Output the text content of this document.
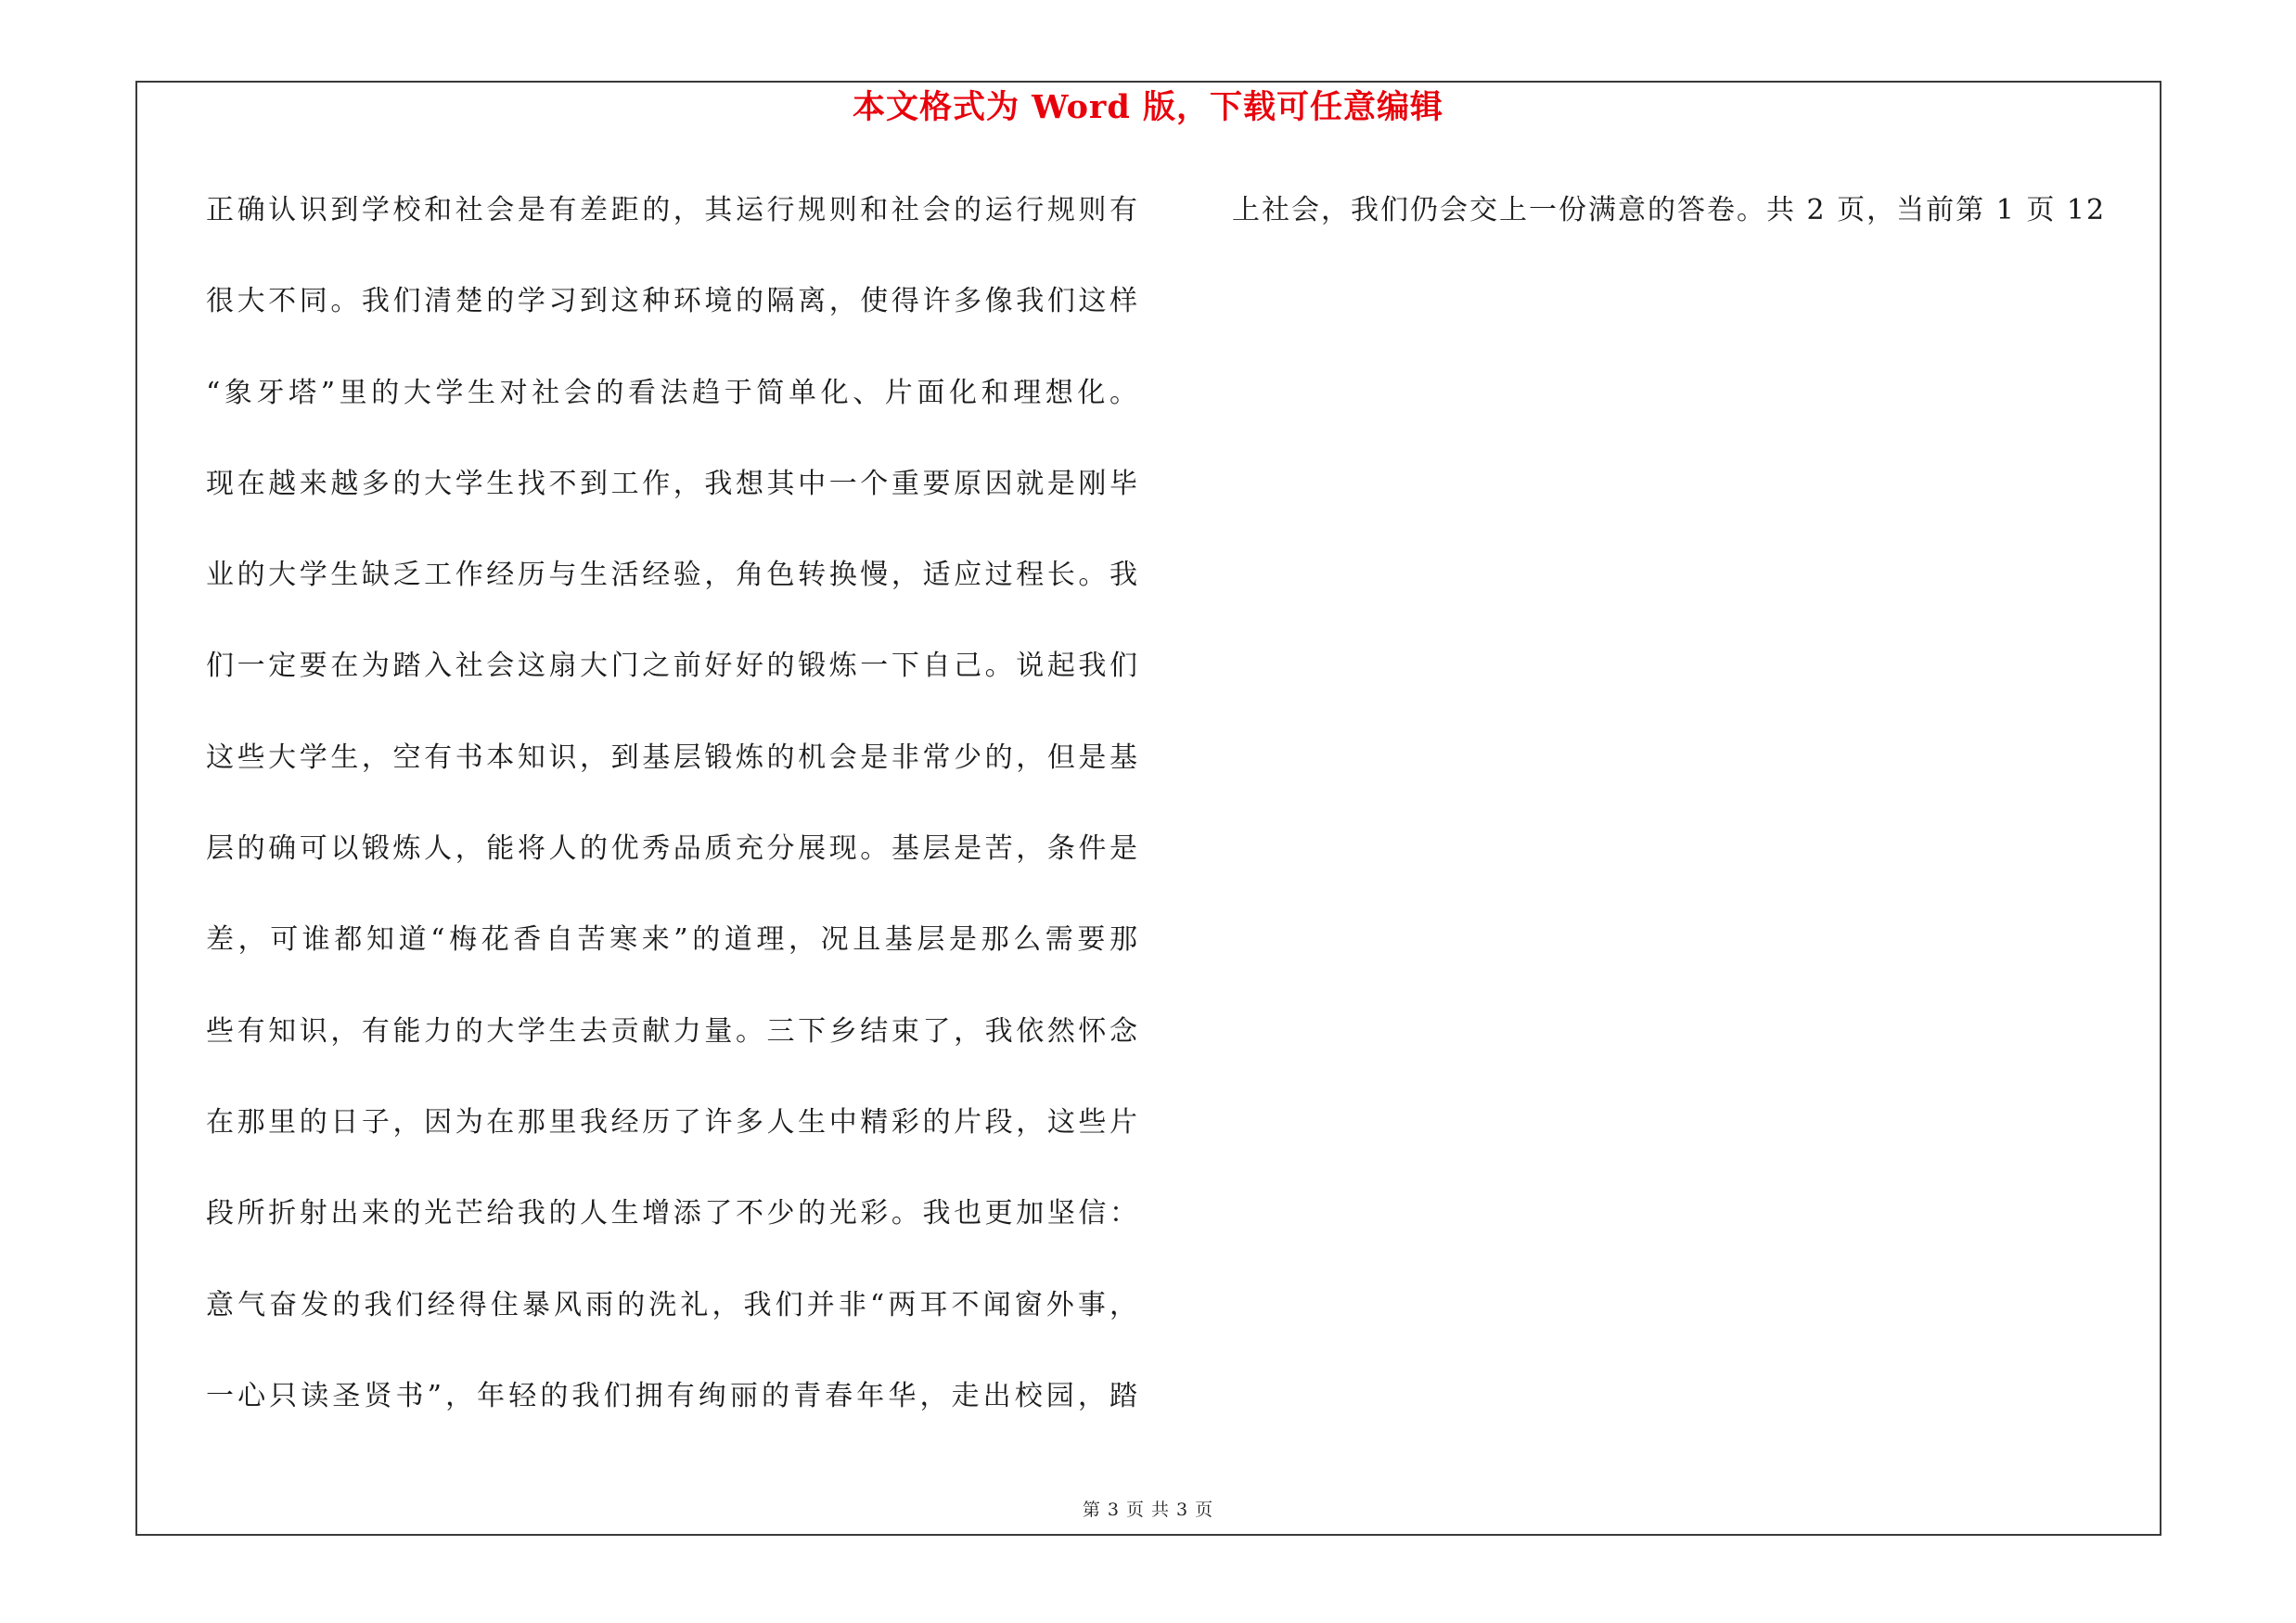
本文格式为 Word 版，下载可任意编辑
正确认识到学校和社会是有差距的，其运行规则和社会的运行规则有
很大不同。我们清楚的学习到这种环境的隔离，使得许多像我们这样
“象牙塔”里的大学生对社会的看法趋于简单化、片面化和理想化。
现在越来越多的大学生找不到工作，我想其中一个重要原因就是刚毕
业的大学生缺乏工作经历与生活经验，角色转换慢，适应过程长。我
们一定要在为踏入社会这扇大门之前好好的锻炼一下自己。说起我们
这些大学生，空有书本知识，到基层锻炼的机会是非常少的，但是基
层的确可以锻炼人，能将人的优秀品质充分展现。基层是苦，条件是
差，可谁都知道“梅花香自苦寒来”的道理，况且基层是那么需要那
些有知识，有能力的大学生去贡献力量。三下乡结束了，我依然怀念
在那里的日子，因为在那里我经历了许多人生中精彩的片段，这些片
段所折射出来的光芒给我的人生增添了不少的光彩。我也更加坚信：
意气奋发的我们经得住暴风雨的洗礼，我们并非“两耳不闻窗外事，
一心只读圣贤书”，年轻的我们拥有绚丽的青春年华，走出校园，踏
上社会，我们仍会交上一份满意的答卷。共 2 页，当前第 1 页 12
第 3 页 共 3 页
